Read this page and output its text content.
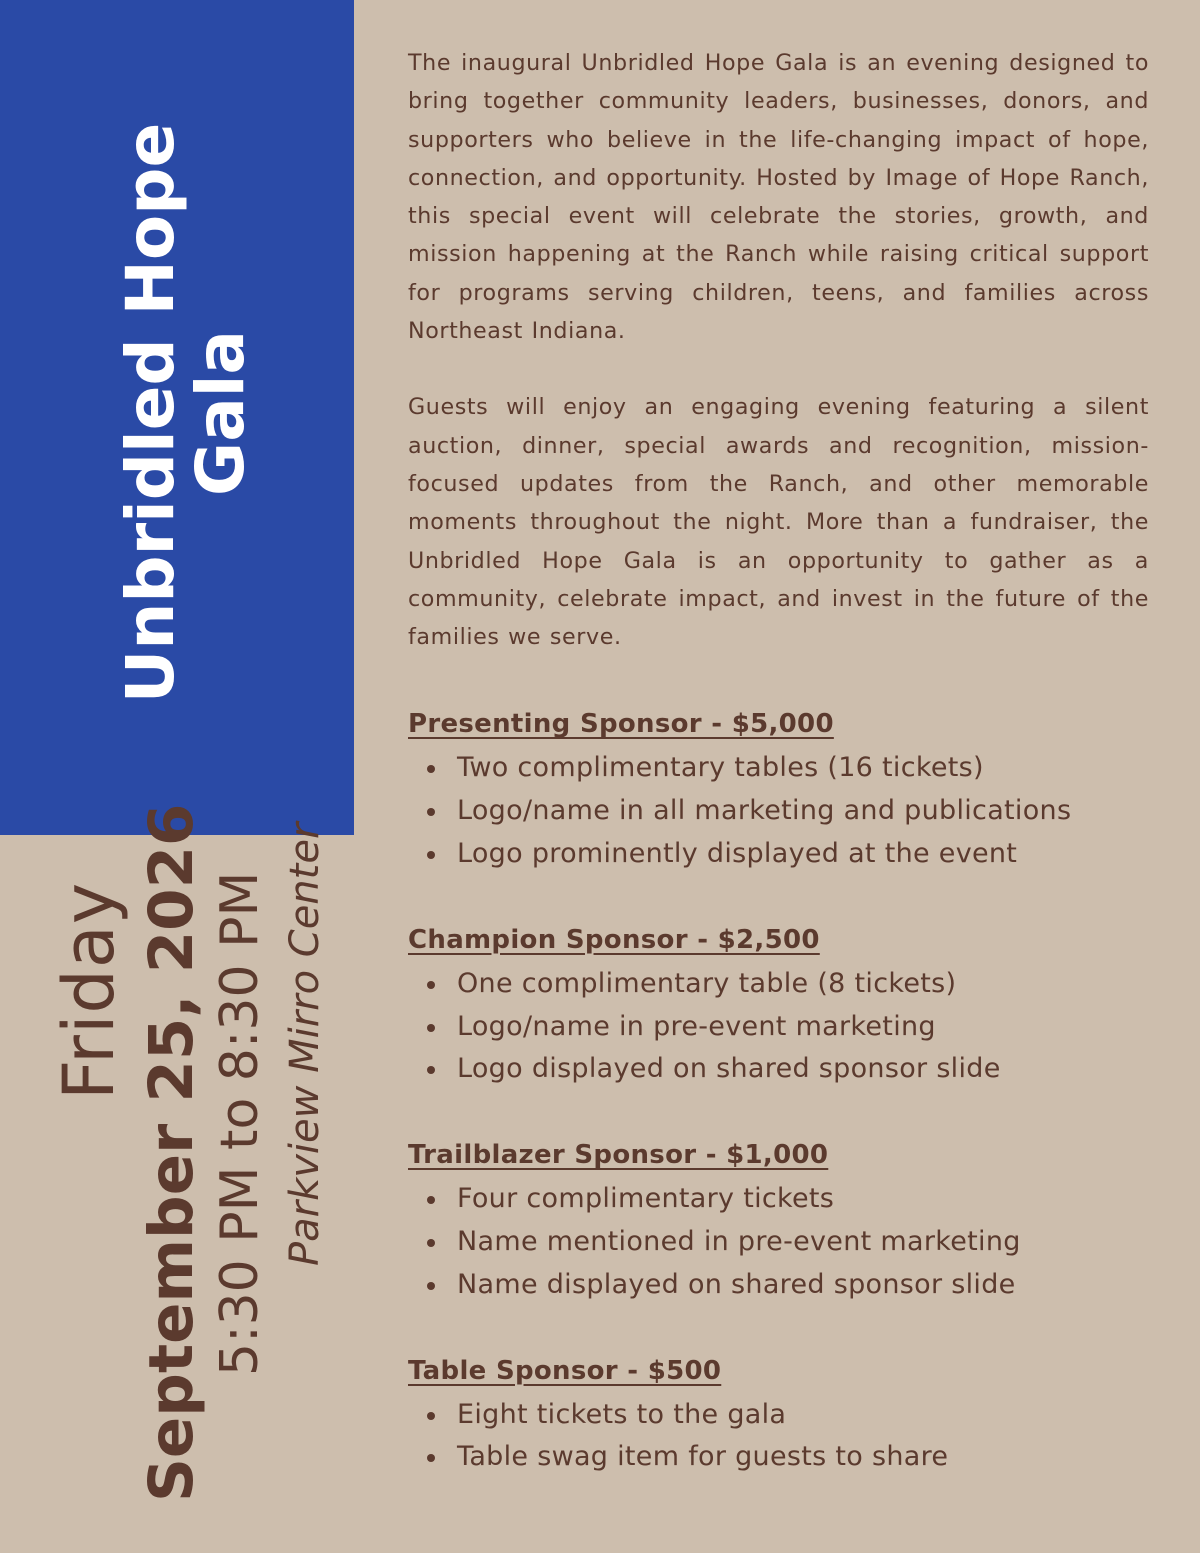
Unbridled Hope
Gala
Friday September 25, 2026 5:30 PM to 8:30 PM Parkview Mirro Center

The inaugural Unbridled Hope Gala is an evening designed to bring together community leaders, businesses, donors, and supporters who believe in the life-changing impact of hope, connection, and opportunity. Hosted by Image of Hope Ranch, this special event will celebrate the stories, growth, and mission happening at the Ranch while raising critical support for programs serving children, teens, and families across Northeast Indiana.

Guests will enjoy an engaging evening featuring a silent auction, dinner, special awards and recognition, mission-focused updates from the Ranch, and other memorable moments throughout the night. More than a fundraiser, the Unbridled Hope Gala is an opportunity to gather as a community, celebrate impact, and invest in the future of the families we serve.

Presenting Sponsor - $5,000
Two complimentary tables (16 tickets)
Logo/name in all marketing and publications
Logo prominently displayed at the event
Champion Sponsor - $2,500
One complimentary table (8 tickets)
Logo/name in pre-event marketing
Logo displayed on shared sponsor slide
Trailblazer Sponsor - $1,000
Four complimentary tickets
Name mentioned in pre-event marketing
Name displayed on shared sponsor slide
Table Sponsor - $500
Eight tickets to the gala
Table swag item for guests to share
